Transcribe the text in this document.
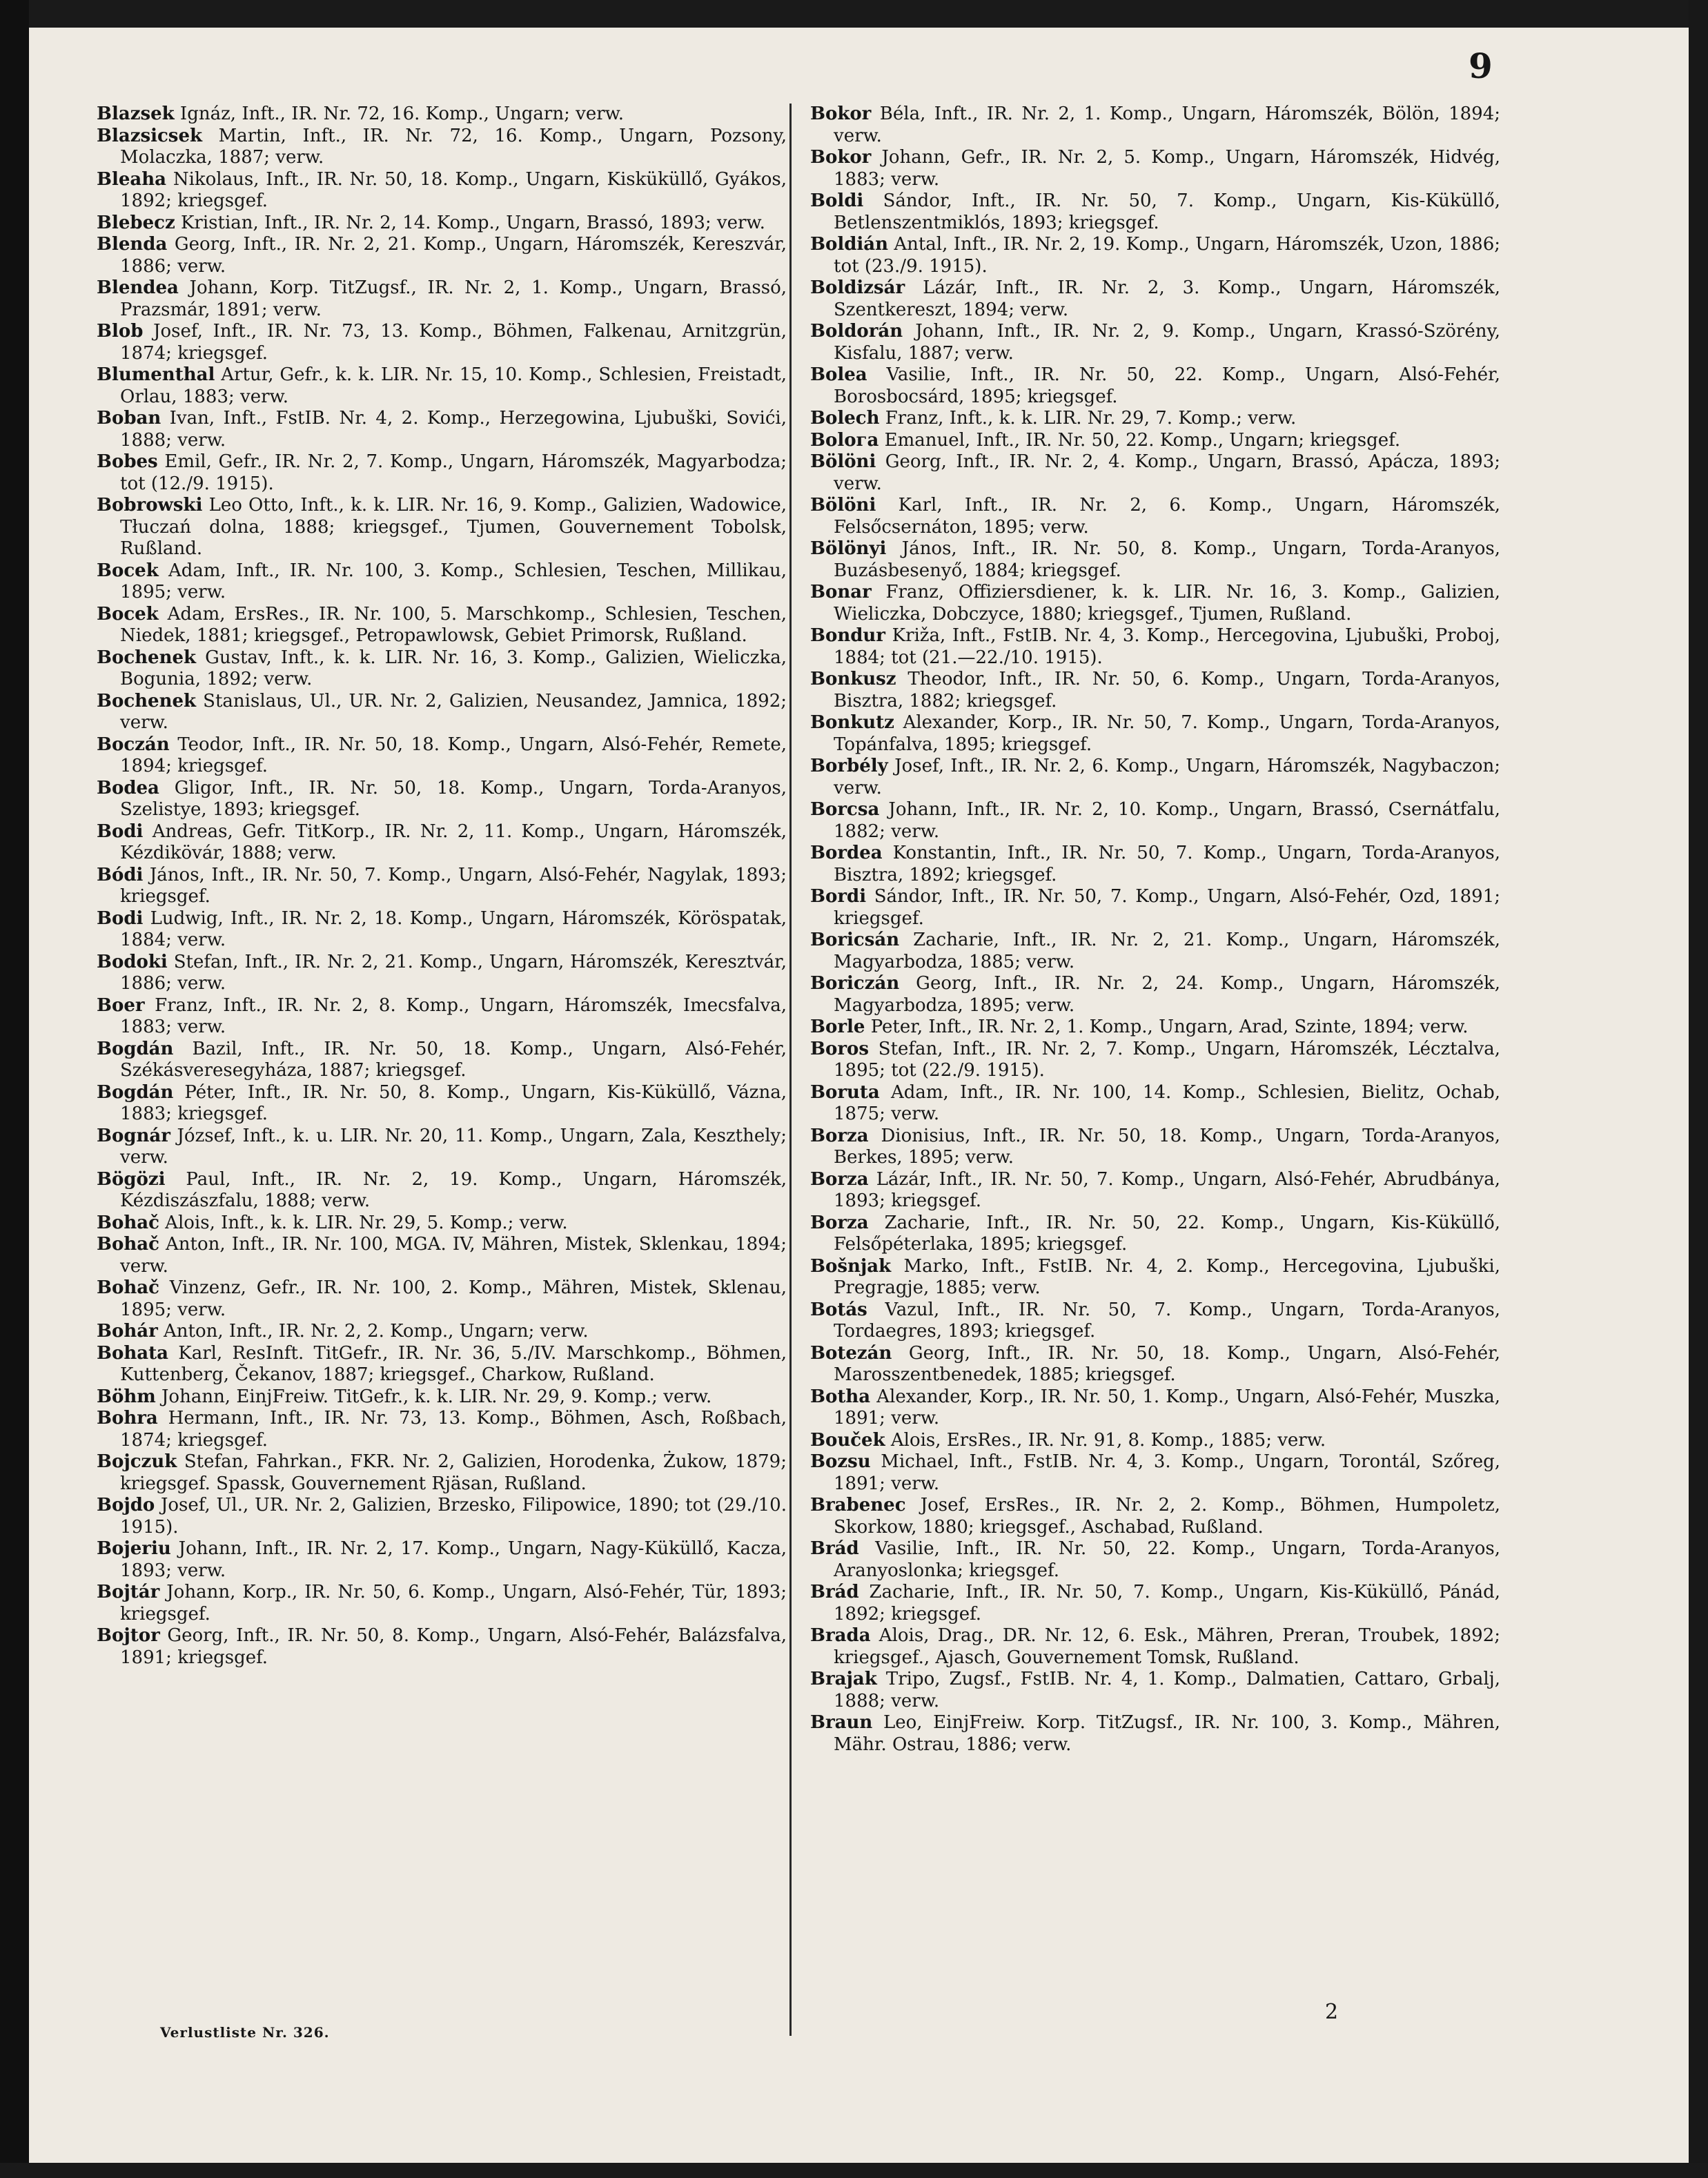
9

Blazsek Ignáz, Inft., IR. Nr. 72, 16. Komp., Ungarn; verw.

Blazsicsek Martin, Inft., IR. Nr. 72, 16. Komp., Ungarn, Pozsony, Molaczka, 1887; verw.

Bleaha Nikolaus, Inft., IR. Nr. 50, 18. Komp., Ungarn, Kisküküllő, Gyákos, 1892; kriegsgef.

Blebecz Kristian, Inft., IR. Nr. 2, 14. Komp., Ungarn, Brassó, 1893; verw.

Blenda Georg, Inft., IR. Nr. 2, 21. Komp., Ungarn, Háromszék, Kereszvár, 1886; verw.

Blendea Johann, Korp. TitZugsf., IR. Nr. 2, 1. Komp., Ungarn, Brassó, Prazsmár, 1891; verw.

Blob Josef, Inft., IR. Nr. 73, 13. Komp., Böhmen, Falkenau, Arnitzgrün, 1874; kriegsgef.

Blumenthal Artur, Gefr., k. k. LIR. Nr. 15, 10. Komp., Schlesien, Freistadt, Orlau, 1883; verw.

Boban Ivan, Inft., FstIB. Nr. 4, 2. Komp., Herzegowina, Ljubuški, Sovići, 1888; verw.

Bobes Emil, Gefr., IR. Nr. 2, 7. Komp., Ungarn, Háromszék, Magyarbodza; tot (12./9. 1915).

Bobrowski Leo Otto, Inft., k. k. LIR. Nr. 16, 9. Komp., Galizien, Wadowice, Tłuczań dolna, 1888; kriegsgef., Tjumen, Gouvernement Tobolsk, Rußland.

Bocek Adam, Inft., IR. Nr. 100, 3. Komp., Schlesien, Teschen, Millikau, 1895; verw.

Bocek Adam, ErsRes., IR. Nr. 100, 5. Marschkomp., Schlesien, Teschen, Niedek, 1881; kriegsgef., Petropawlowsk, Gebiet Primorsk, Rußland.

Bochenek Gustav, Inft., k. k. LIR. Nr. 16, 3. Komp., Galizien, Wieliczka, Bogunia, 1892; verw.

Bochenek Stanislaus, Ul., UR. Nr. 2, Galizien, Neusandez, Jamnica, 1892; verw.

Boczán Teodor, Inft., IR. Nr. 50, 18. Komp., Ungarn, Alsó-Fehér, Remete, 1894; kriegsgef.

Bodea Gligor, Inft., IR. Nr. 50, 18. Komp., Ungarn, Torda-Aranyos, Szelistye, 1893; kriegsgef.

Bodi Andreas, Gefr. TitKorp., IR. Nr. 2, 11. Komp., Ungarn, Háromszék, Kézdikövár, 1888; verw.

Bódi János, Inft., IR. Nr. 50, 7. Komp., Ungarn, Alsó-Fehér, Nagylak, 1893; kriegsgef.

Bodi Ludwig, Inft., IR. Nr. 2, 18. Komp., Ungarn, Háromszék, Köröspatak, 1884; verw.

Bodoki Stefan, Inft., IR. Nr. 2, 21. Komp., Ungarn, Háromszék, Keresztvár, 1886; verw.

Boer Franz, Inft., IR. Nr. 2, 8. Komp., Ungarn, Háromszék, Imecsfalva, 1883; verw.

Bogdán Bazil, Inft., IR. Nr. 50, 18. Komp., Ungarn, Alsó-Fehér, Székásveresegyháza, 1887; kriegsgef.

Bogdán Péter, Inft., IR. Nr. 50, 8. Komp., Ungarn, Kis-Küküllő, Vázna, 1883; kriegsgef.

Bognár József, Inft., k. u. LIR. Nr. 20, 11. Komp., Ungarn, Zala, Keszthely; verw.

Bögözi Paul, Inft., IR. Nr. 2, 19. Komp., Ungarn, Háromszék, Kézdiszászfalu, 1888; verw.

Bohač Alois, Inft., k. k. LIR. Nr. 29, 5. Komp.; verw.

Bohač Anton, Inft., IR. Nr. 100, MGA. IV, Mähren, Mistek, Sklenkau, 1894; verw.

Bohač Vinzenz, Gefr., IR. Nr. 100, 2. Komp., Mähren, Mistek, Sklenau, 1895; verw.

Bohár Anton, Inft., IR. Nr. 2, 2. Komp., Ungarn; verw.

Bohata Karl, ResInft. TitGefr., IR. Nr. 36, 5./IV. Marschkomp., Böhmen, Kuttenberg, Čekanov, 1887; kriegsgef., Charkow, Rußland.

Böhm Johann, EinjFreiw. TitGefr., k. k. LIR. Nr. 29, 9. Komp.; verw.

Bohra Hermann, Inft., IR. Nr. 73, 13. Komp., Böhmen, Asch, Roßbach, 1874; kriegsgef.

Bojczuk Stefan, Fahrkan., FKR. Nr. 2, Galizien, Horodenka, Żukow, 1879; kriegsgef. Spassk, Gouvernement Rjäsan, Rußland.

Bojdo Josef, Ul., UR. Nr. 2, Galizien, Brzesko, Filipowice, 1890; tot (29./10. 1915).

Bojeriu Johann, Inft., IR. Nr. 2, 17. Komp., Ungarn, Nagy-Küküllő, Kacza, 1893; verw.

Bojtár Johann, Korp., IR. Nr. 50, 6. Komp., Ungarn, Alsó-Fehér, Tür, 1893; kriegsgef.

Bojtor Georg, Inft., IR. Nr. 50, 8. Komp., Ungarn, Alsó-Fehér, Balázsfalva, 1891; kriegsgef.

Bokor Béla, Inft., IR. Nr. 2, 1. Komp., Ungarn, Háromszék, Bölön, 1894; verw.

Bokor Johann, Gefr., IR. Nr. 2, 5. Komp., Ungarn, Háromszék, Hidvég, 1883; verw.

Boldi Sándor, Inft., IR. Nr. 50, 7. Komp., Ungarn, Kis-Küküllő, Betlenszentmiklós, 1893; kriegsgef.

Boldián Antal, Inft., IR. Nr. 2, 19. Komp., Ungarn, Háromszék, Uzon, 1886; tot (23./9. 1915).

Boldizsár Lázár, Inft., IR. Nr. 2, 3. Komp., Ungarn, Háromszék, Szentkereszt, 1894; verw.

Boldorán Johann, Inft., IR. Nr. 2, 9. Komp., Ungarn, Krassó-Szörény, Kisfalu, 1887; verw.

Bolea Vasilie, Inft., IR. Nr. 50, 22. Komp., Ungarn, Alsó-Fehér, Borosbocsárd, 1895; kriegsgef.

Bolech Franz, Inft., k. k. LIR. Nr. 29, 7. Komp.; verw.

Bolога Emanuel, Inft., IR. Nr. 50, 22. Komp., Ungarn; kriegsgef.

Bölöni Georg, Inft., IR. Nr. 2, 4. Komp., Ungarn, Brassó, Apácza, 1893; verw.

Bölöni Karl, Inft., IR. Nr. 2, 6. Komp., Ungarn, Háromszék, Felsőcsernáton, 1895; verw.

Bölönyi János, Inft., IR. Nr. 50, 8. Komp., Ungarn, Torda-Aranyos, Buzásbesenyő, 1884; kriegsgef.

Bonar Franz, Offiziersdiener, k. k. LIR. Nr. 16, 3. Komp., Galizien, Wieliczka, Dobczyce, 1880; kriegsgef., Tjumen, Rußland.

Bondur Križa, Inft., FstIB. Nr. 4, 3. Komp., Hercegovina, Ljubuški, Proboj, 1884; tot (21.—22./10. 1915).

Bonkusz Theodor, Inft., IR. Nr. 50, 6. Komp., Ungarn, Torda-Aranyos, Bisztra, 1882; kriegsgef.

Bonkutz Alexander, Korp., IR. Nr. 50, 7. Komp., Ungarn, Torda-Aranyos, Topánfalva, 1895; kriegsgef.

Borbély Josef, Inft., IR. Nr. 2, 6. Komp., Ungarn, Háromszék, Nagybaczon; verw.

Borcsa Johann, Inft., IR. Nr. 2, 10. Komp., Ungarn, Brassó, Csernátfalu, 1882; verw.

Bordea Konstantin, Inft., IR. Nr. 50, 7. Komp., Ungarn, Torda-Aranyos, Bisztra, 1892; kriegsgef.

Bordi Sándor, Inft., IR. Nr. 50, 7. Komp., Ungarn, Alsó-Fehér, Ozd, 1891; kriegsgef.

Boricsán Zacharie, Inft., IR. Nr. 2, 21. Komp., Ungarn, Háromszék, Magyarbodza, 1885; verw.

Boriczán Georg, Inft., IR. Nr. 2, 24. Komp., Ungarn, Háromszék, Magyarbodza, 1895; verw.

Borle Peter, Inft., IR. Nr. 2, 1. Komp., Ungarn, Arad, Szinte, 1894; verw.

Boros Stefan, Inft., IR. Nr. 2, 7. Komp., Ungarn, Háromszék, Lécztalva, 1895; tot (22./9. 1915).

Boruta Adam, Inft., IR. Nr. 100, 14. Komp., Schlesien, Bielitz, Ochab, 1875; verw.

Borza Dionisius, Inft., IR. Nr. 50, 18. Komp., Ungarn, Torda-Aranyos, Berkes, 1895; verw.

Borza Lázár, Inft., IR. Nr. 50, 7. Komp., Ungarn, Alsó-Fehér, Abrudbánya, 1893; kriegsgef.

Borza Zacharie, Inft., IR. Nr. 50, 22. Komp., Ungarn, Kis-Küküllő, Felsőpéterlaka, 1895; kriegsgef.

Bošnjak Marko, Inft., FstIB. Nr. 4, 2. Komp., Hercegovina, Ljubuški, Pregragje, 1885; verw.

Botás Vazul, Inft., IR. Nr. 50, 7. Komp., Ungarn, Torda-Aranyos, Tordaegres, 1893; kriegsgef.

Botezán Georg, Inft., IR. Nr. 50, 18. Komp., Ungarn, Alsó-Fehér, Marosszentbenedek, 1885; kriegsgef.

Botha Alexander, Korp., IR. Nr. 50, 1. Komp., Ungarn, Alsó-Fehér, Muszka, 1891; verw.

Bouček Alois, ErsRes., IR. Nr. 91, 8. Komp., 1885; verw.

Bozsu Michael, Inft., FstIB. Nr. 4, 3. Komp., Ungarn, Torontál, Szőreg, 1891; verw.

Brabenec Josef, ErsRes., IR. Nr. 2, 2. Komp., Böhmen, Humpoletz, Skorkow, 1880; kriegsgef., Aschabad, Rußland.

Brád Vasilie, Inft., IR. Nr. 50, 22. Komp., Ungarn, Torda-Aranyos, Aranyoslonka; kriegsgef.

Brád Zacharie, Inft., IR. Nr. 50, 7. Komp., Ungarn, Kis-Küküllő, Pánád, 1892; kriegsgef.

Brada Alois, Drag., DR. Nr. 12, 6. Esk., Mähren, Preran, Troubek, 1892; kriegsgef., Ajasch, Gouvernement Tomsk, Rußland.

Brajak Tripo, Zugsf., FstIB. Nr. 4, 1. Komp., Dalmatien, Cattaro, Grbalj, 1888; verw.

Braun Leo, EinjFreiw. Korp. TitZugsf., IR. Nr. 100, 3. Komp., Mähren, Mähr. Ostrau, 1886; verw.

Verlustliste Nr. 326.
2
